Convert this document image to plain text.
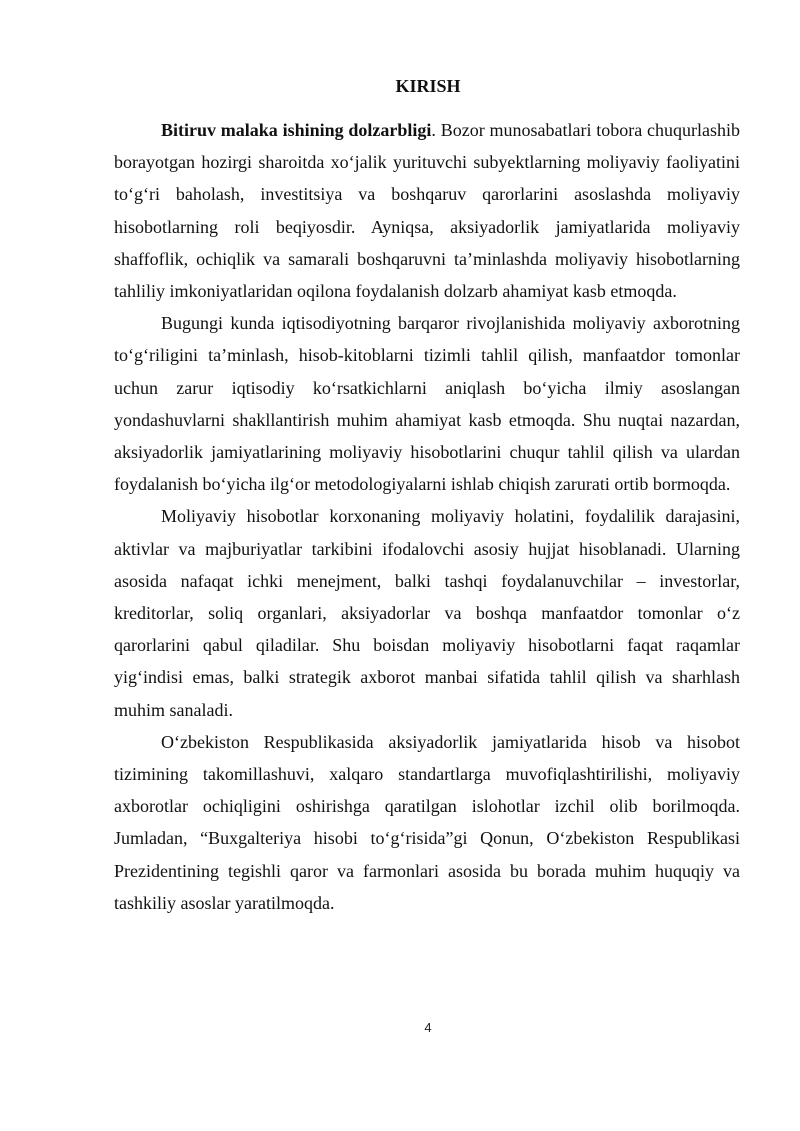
KIRISH

Bitiruv malaka ishining dolzarbligi. Bozor munosabatlari tobora chuqurlashib borayotgan hozirgi sharoitda xo‘jalik yurituvchi subyektlarning moliyaviy faoliyatini to‘g‘ri baholash, investitsiya va boshqaruv qarorlarini asoslashda moliyaviy hisobotlarning roli beqiyosdir. Ayniqsa, aksiyadorlik jamiyatlarida moliyaviy shaffoflik, ochiqlik va samarali boshqaruvni ta’minlashda moliyaviy hisobotlarning tahliliy imkoniyatlaridan oqilona foydalanish dolzarb ahamiyat kasb etmoqda.

Bugungi kunda iqtisodiyotning barqaror rivojlanishida moliyaviy axborotning to‘g‘riligini ta’minlash, hisob-kitoblarni tizimli tahlil qilish, manfaatdor tomonlar uchun zarur iqtisodiy ko‘rsatkichlarni aniqlash bo‘yicha ilmiy asoslangan yondashuvlarni shakllantirish muhim ahamiyat kasb etmoqda. Shu nuqtai nazardan, aksiyadorlik jamiyatlarining moliyaviy hisobotlarini chuqur tahlil qilish va ulardan foydalanish bo‘yicha ilg‘or metodologiyalarni ishlab chiqish zarurati ortib bormoqda.

Moliyaviy hisobotlar korxonaning moliyaviy holatini, foydalilik darajasini, aktivlar va majburiyatlar tarkibini ifodalovchi asosiy hujjat hisoblanadi. Ularning asosida nafaqat ichki menejment, balki tashqi foydalanuvchilar – investorlar, kreditorlar, soliq organlari, aksiyadorlar va boshqa manfaatdor tomonlar o‘z qarorlarini qabul qiladilar. Shu boisdan moliyaviy hisobotlarni faqat raqamlar yig‘indisi emas, balki strategik axborot manbai sifatida tahlil qilish va sharhlash muhim sanaladi.

O‘zbekiston Respublikasida aksiyadorlik jamiyatlarida hisob va hisobot tizimining takomillashuvi, xalqaro standartlarga muvofiqlashtirilishi, moliyaviy axborotlar ochiqligini oshirishga qaratilgan islohotlar izchil olib borilmoqda. Jumladan, “Buxgalteriya hisobi to‘g‘risida”gi Qonun, O‘zbekiston Respublikasi Prezidentining tegishli qaror va farmonlari asosida bu borada muhim huquqiy va tashkiliy asoslar yaratilmoqda.

4
